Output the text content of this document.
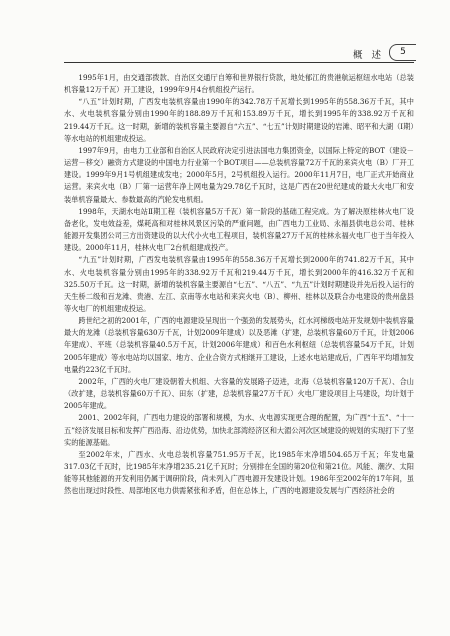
概 述	5

1995年1月，由交通部拨款、自治区交通厅自筹和世界银行贷款，地处郁江的贵港航运枢纽水电站（总装机容量12万千瓦）开工建设，1999年9月4台机组投产运行。

“八五”计划时期，广西发电装机容量由1990年的342.78万千瓦增长到1995年的558.36万千瓦，其中水、火电装机容量分别由1990年的188.89万千瓦和153.89万千瓦，增长到1995年的338.92万千瓦和219.44万千瓦。这一时期，新增的装机容量主要源自“六五”、“七五”计划时期建设的岩滩、昭平和大湖（Ⅰ期）等水电站的机组建成投运。

1997年9月，由电力工业部和自治区人民政府决定引进法国电力集团资金，以国际上特定的BOT（建设－运营－移交）融资方式建设的中国电力行业第一个BOT项目——总装机容量72万千瓦的来宾火电（B）厂开工建设。1999年9月1号机组建成发电；2000年5月，2号机组投入运行。2000年11月7日，电厂正式开始商业运营。来宾火电（B）厂第一运营年净上网电量为29.78亿千瓦时，这是广西在20世纪建成的最大火电厂和安装单机容量最大、参数最高的汽轮发电机组。

1998年，天湖水电站Ⅱ期工程（装机容量5万千瓦）第一阶段的基础工程完成。为了解决原桂林火电厂设备老化，发电效益差，煤耗高和对桂林风景区污染的严重问题，由广西电力工业局、永福县供电总公司、桂林能源开发集团公司三方出资建设的以大代小火电工程项目，装机容量27万千瓦的桂林永福火电厂也于当年投入建设。2000年11月，桂林火电厂2台机组建成投产。

“九五”计划时期，广西发电装机容量由1995年的558.36万千瓦增长到2000年的741.82万千瓦，其中水、火电装机容量分别由1995年的338.92万千瓦和219.44万千瓦，增长到2000年的416.32万千瓦和325.50万千瓦。这一时期，新增的装机容量主要源自“七五”、“八五”、“九五”计划时期建设并先后投入运行的天生桥二级和百龙滩、贵港、左江、京南等水电站和来宾火电（B）、柳州、桂林以及联合办电建设的贵州盘县等火电厂的机组建成投运。

跨世纪之初的2001年，广西的电源建设呈现出一个强劲的发展势头，红水河梯级电站开发规划中装机容量最大的龙滩（总装机容量630万千瓦，计划2009年建成）以及恶滩（扩建，总装机容量60万千瓦，计划2006年建成）、平班（总装机容量40.5万千瓦，计划2006年建成）和百色水利枢纽（总装机容量54万千瓦，计划2005年建成）等水电站均以国家、地方、企业合资方式相继开工建设，上述水电站建成后，广西年平均增加发电量约223亿千瓦时。

2002年，广西的火电厂建设朝着大机组、大容量的发展路子迈进，北海（总装机容量120万千瓦）、合山（改扩建，总装机容量60万千瓦）、田东（扩建，总装机容量27万千瓦）火电厂建设项目上马建设，均计划于2005年建成。

2001、2002年间，广西电力建设的部署和规模，为水、火电源实现更合理的配置，为广西“十五”、“十一五”经济发展目标和发挥广西沿海、沿边优势，加快北部湾经济区和大湄公河次区域建设的规划的实现打下了坚实的能源基础。

至2002年末，广西水、火电总装机容量751.95万千瓦，比1985年末净增504.65万千瓦；年发电量317.03亿千瓦时，比1985年末净增235.21亿千瓦时；分别排在全国的第20位和第21位。风能、潮汐、太阳能等其他能源的开发利用仍属于调研阶段，尚未列入广西电源开发建设计划。1986年至2002年的17年间，虽然也出现过时段性、局部地区电力供需紧张和矛盾，但在总体上，广西的电源建设发展与广西经济社会的
